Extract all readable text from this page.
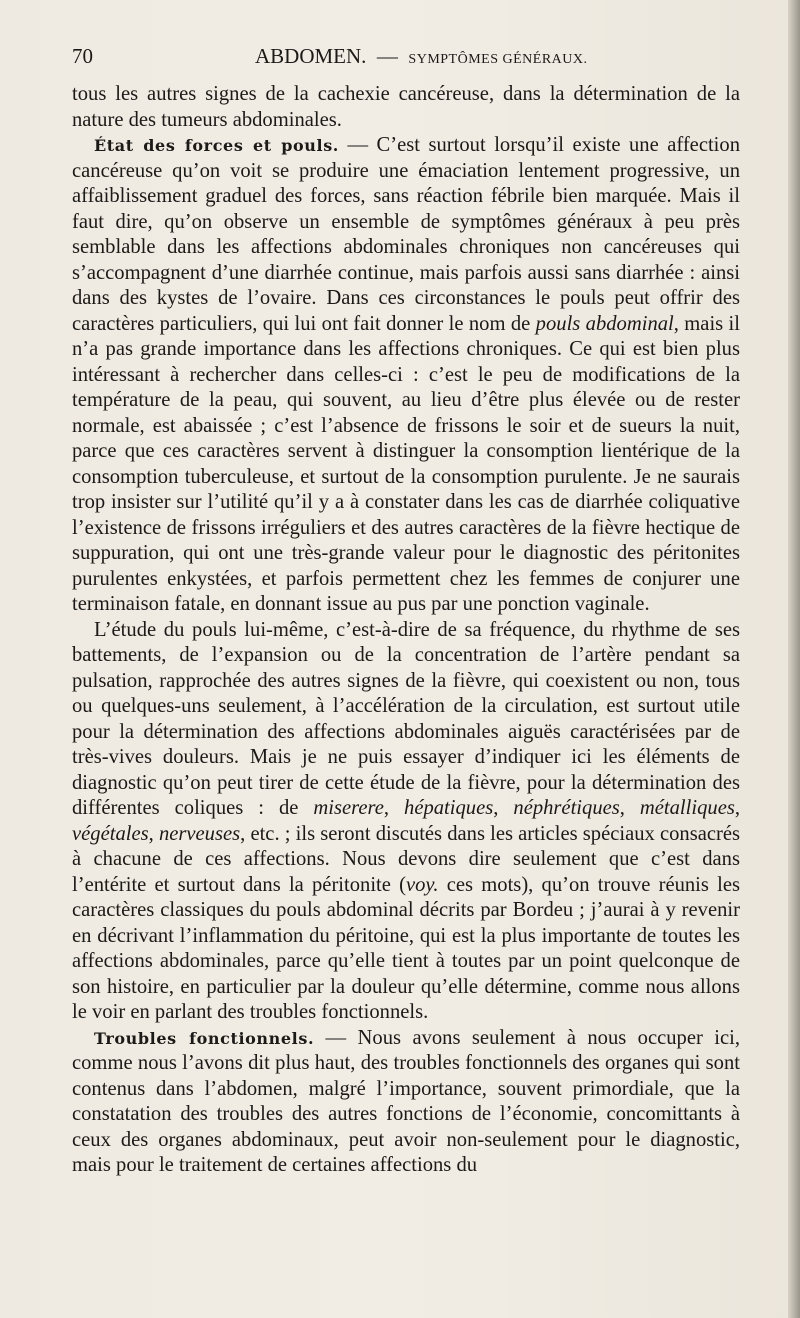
70	ABDOMEN. — SYMPTÔMES GÉNÉRAUX.

tous les autres signes de la cachexie cancéreuse, dans la détermination de la nature des tumeurs abdominales.

État des forces et pouls. — C’est surtout lorsqu’il existe une affection cancéreuse qu’on voit se produire une émaciation lentement progressive, un affaiblissement graduel des forces, sans réaction fébrile bien marquée. Mais il faut dire, qu’on observe un ensemble de symptômes généraux à peu près semblable dans les affections abdominales chroniques non cancéreuses qui s’accompagnent d’une diarrhée continue, mais parfois aussi sans diarrhée : ainsi dans des kystes de l’ovaire. Dans ces circonstances le pouls peut offrir des caractères particuliers, qui lui ont fait donner le nom de pouls abdominal, mais il n’a pas grande importance dans les affections chroniques. Ce qui est bien plus intéressant à rechercher dans celles-ci : c’est le peu de modifications de la température de la peau, qui souvent, au lieu d’être plus élevée ou de rester normale, est abaissée ; c’est l’absence de frissons le soir et de sueurs la nuit, parce que ces caractères servent à distinguer la consomption lientérique de la consomption tuberculeuse, et surtout de la consomption purulente. Je ne saurais trop insister sur l’utilité qu’il y a à constater dans les cas de diarrhée coliquative l’existence de frissons irréguliers et des autres caractères de la fièvre hectique de suppuration, qui ont une très-grande valeur pour le diagnostic des péritonites purulentes enkystées, et parfois permettent chez les femmes de conjurer une terminaison fatale, en donnant issue au pus par une ponction vaginale.

L’étude du pouls lui-même, c’est-à-dire de sa fréquence, du rhythme de ses battements, de l’expansion ou de la concentration de l’artère pendant sa pulsation, rapprochée des autres signes de la fièvre, qui coexistent ou non, tous ou quelques-uns seulement, à l’accélération de la circulation, est surtout utile pour la détermination des affections abdominales aiguës caractérisées par de très-vives douleurs. Mais je ne puis essayer d’indiquer ici les éléments de diagnostic qu’on peut tirer de cette étude de la fièvre, pour la détermination des différentes coliques : de miserere, hépatiques, néphrétiques, métalliques, végétales, nerveuses, etc. ; ils seront discutés dans les articles spéciaux consacrés à chacune de ces affections. Nous devons dire seulement que c’est dans l’entérite et surtout dans la péritonite (voy. ces mots), qu’on trouve réunis les caractères classiques du pouls abdominal décrits par Bordeu ; j’aurai à y revenir en décrivant l’inflammation du péritoine, qui est la plus importante de toutes les affections abdominales, parce qu’elle tient à toutes par un point quelconque de son histoire, en particulier par la douleur qu’elle détermine, comme nous allons le voir en parlant des troubles fonctionnels.

Troubles fonctionnels. — Nous avons seulement à nous occuper ici, comme nous l’avons dit plus haut, des troubles fonctionnels des organes qui sont contenus dans l’abdomen, malgré l’importance, souvent primordiale, que la constatation des troubles des autres fonctions de l’économie, concomittants à ceux des organes abdominaux, peut avoir non-seulement pour le diagnostic, mais pour le traitement de certaines affections du
